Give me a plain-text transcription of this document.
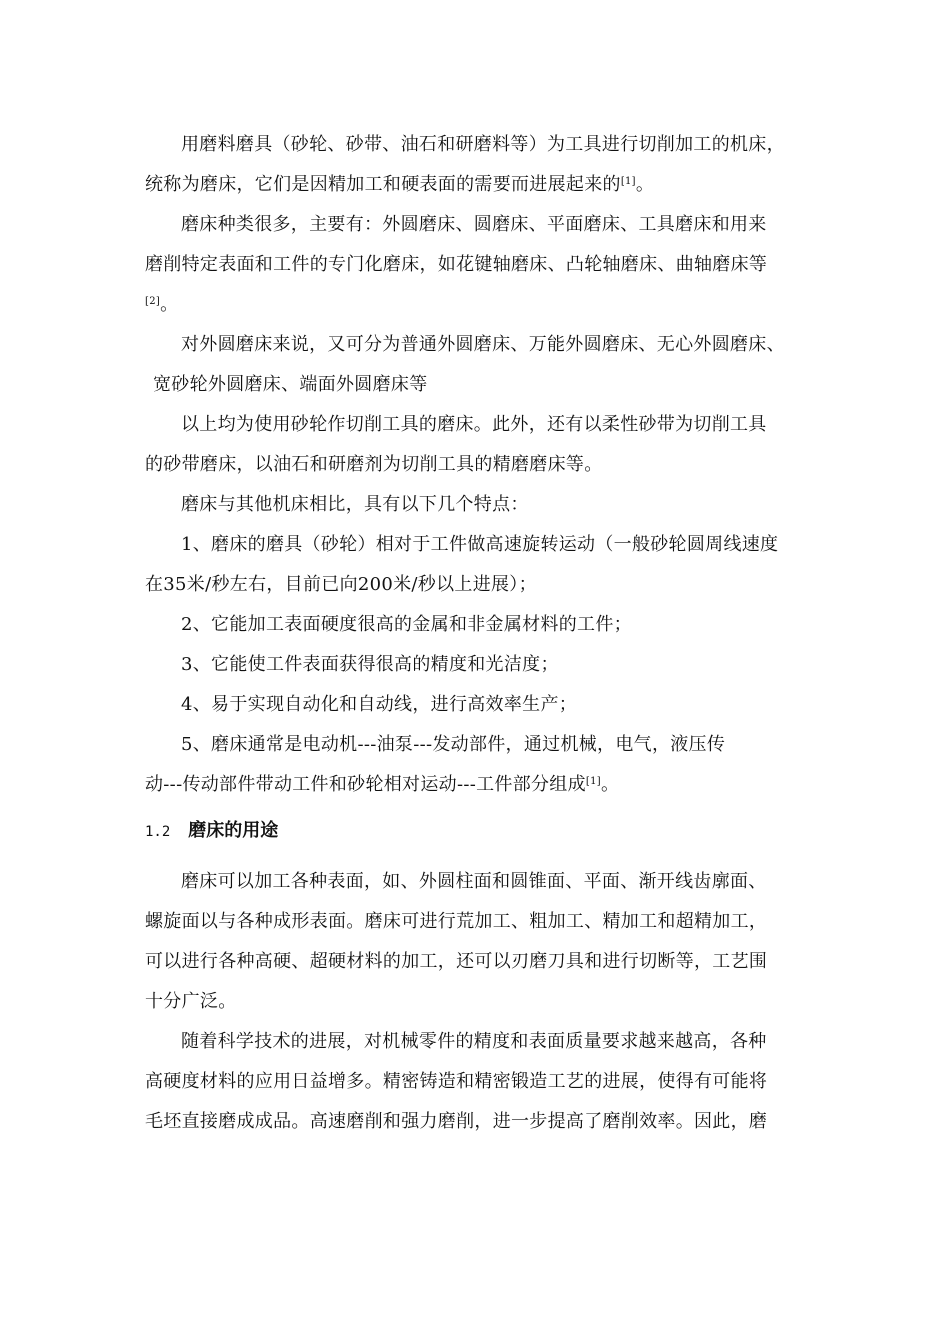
用磨料磨具（砂轮、砂带、油石和研磨料等）为工具进行切削加工的机床，
统称为磨床，它们是因精加工和硬表面的需要而进展起来的[1]。
磨床种类很多，主要有：外圆磨床、圆磨床、平面磨床、工具磨床和用来
磨削特定表面和工件的专门化磨床，如花键轴磨床、凸轮轴磨床、曲轴磨床等
[2]。
对外圆磨床来说，又可分为普通外圆磨床、万能外圆磨床、无心外圆磨床、
宽砂轮外圆磨床、端面外圆磨床等
以上均为使用砂轮作切削工具的磨床。此外，还有以柔性砂带为切削工具
的砂带磨床，以油石和研磨剂为切削工具的精磨磨床等。
磨床与其他机床相比，具有以下几个特点：
1、磨床的磨具（砂轮）相对于工件做高速旋转运动（一般砂轮圆周线速度
在35米/秒左右，目前已向200米/秒以上进展）；
2、它能加工表面硬度很高的金属和非金属材料的工件；
3、它能使工件表面获得很高的精度和光洁度；
4、易于实现自动化和自动线，进行高效率生产；
5、磨床通常是电动机---油泵---发动部件，通过机械，电气，液压传
动---传动部件带动工件和砂轮相对运动---工件部分组成[1]。
1.2 磨床的用途
磨床可以加工各种表面，如、外圆柱面和圆锥面、平面、渐开线齿廓面、
螺旋面以与各种成形表面。磨床可进行荒加工、粗加工、精加工和超精加工，
可以进行各种高硬、超硬材料的加工，还可以刃磨刀具和进行切断等，工艺围
十分广泛。
随着科学技术的进展，对机械零件的精度和表面质量要求越来越高，各种
高硬度材料的应用日益增多。精密铸造和精密锻造工艺的进展，使得有可能将
毛坯直接磨成成品。高速磨削和强力磨削，进一步提高了磨削效率。因此，磨
